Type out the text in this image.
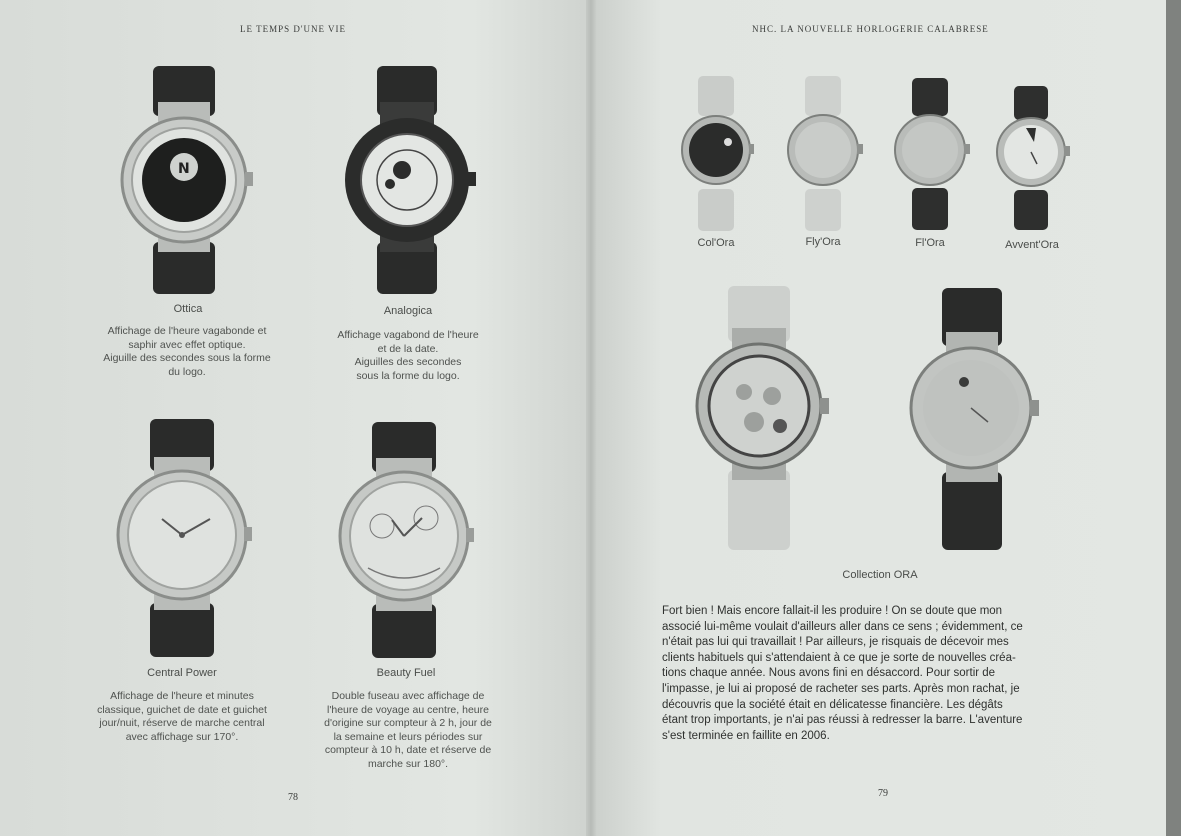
LE TEMPS D'UNE VIE	NHC. LA NOUVELLE HORLOGERIE CALABRESE
N
Ottica
Affichage de l'heure vagabonde et
saphir avec effet optique.
Aiguille des secondes sous la forme
du logo.
Analogica
Affichage vagabond de l'heure
et de la date.
Aiguilles des secondes
sous la forme du logo.
Central Power
Affichage de l'heure et minutes
classique, guichet de date et guichet
jour/nuit, réserve de marche central
avec affichage sur 170°.
Beauty Fuel
Double fuseau avec affichage de
l'heure de voyage au centre, heure
d'origine sur compteur à 2 h, jour de
la semaine et leurs périodes sur
compteur à 10 h, date et réserve de
marche sur 180°.
78
Col'Ora	Fly'Ora	Fl'Ora	Avvent'Ora
Collection ORA
Fort bien ! Mais encore fallait-il les produire ! On se doute que mon
associé lui-même voulait d'ailleurs aller dans ce sens ; évidemment, ce
n'était pas lui qui travaillait ! Par ailleurs, je risquais de décevoir mes
clients habituels qui s'attendaient à ce que je sorte de nouvelles créa-
tions chaque année. Nous avons fini en désaccord. Pour sortir de
l'impasse, je lui ai proposé de racheter ses parts. Après mon rachat, je
découvris que la société était en délicatesse financière. Les dégâts
étant trop importants, je n'ai pas réussi à redresser la barre. L'aventure
s'est terminée en faillite en 2006.
79
